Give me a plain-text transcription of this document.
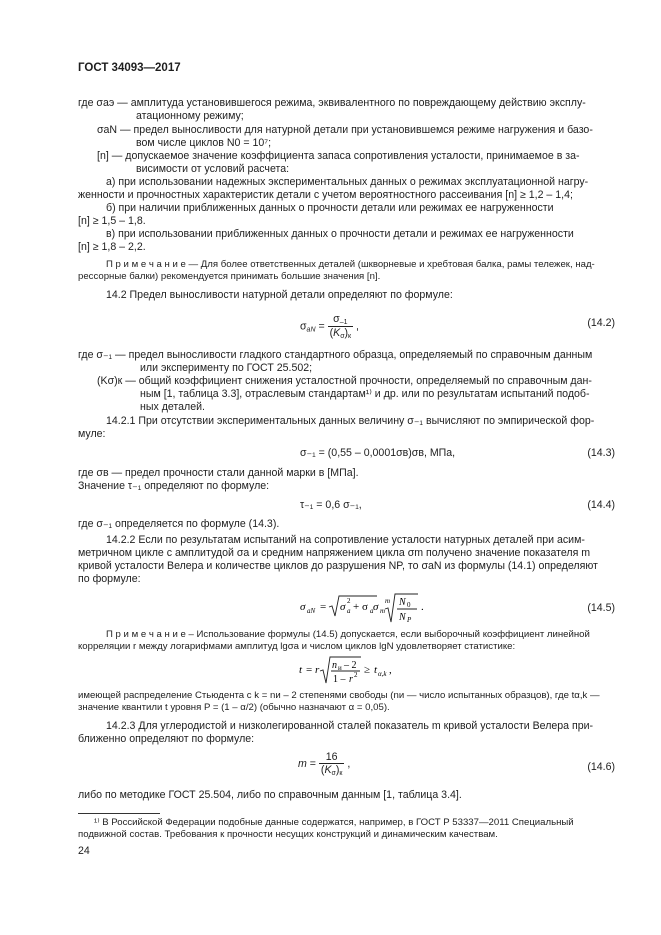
ГОСТ 34093—2017
где σаэ — амплитуда установившегося режима, эквивалентного по повреждающему действию эксплу-
атационному режиму;
σаN — предел выносливости для натурной детали при установившемся режиме нагружения и базо-
вом числе циклов N0 = 10⁷;
[n] — допускаемое значение коэффициента запаса сопротивления усталости, принимаемое в за-
висимости от условий расчета:
а) при использовании надежных экспериментальных данных о режимах эксплуатационной нагру-
женности и прочностных характеристик детали с учетом вероятностного рассеивания [n] ≥ 1,2 – 1,4;
б) при наличии приближенных данных о прочности детали или режимах ее нагруженности
[n] ≥ 1,5 – 1,8.
в) при использовании приближенных данных о прочности детали и режимах ее нагруженности
[n] ≥ 1,8 – 2,2.
П р и м е ч а н и е — Для более ответственных деталей (шкворневые и хребтовая балка, рамы тележек, над-
рессорные балки) рекомендуется принимать большие значения [n].
14.2 Предел выносливости натурной детали определяют по формуле:
$\sigma_{aN} = \frac{\sigma_{-1}}{(K_\sigma)_к}$ ,	(14.2)
где σ₋₁ — предел выносливости гладкого стандартного образца, определяемый по справочным данным
или эксперименту по ГОСТ 25.502;
(Kσ)к — общий коэффициент снижения усталостной прочности, определяемый по справочным дан-
ным [1, таблица 3.3], отраслевым стандартам¹⁾ и др. или по результатам испытаний подоб-
ных деталей.
14.2.1 При отсутствии экспериментальных данных величину σ₋₁ вычисляют по эмпирической фор-
муле:
σ₋₁ = (0,55 – 0,0001σв)σв, МПа,	(14.3)
где σв — предел прочности стали данной марки в [МПа].
Значение τ₋₁ определяют по формуле:
τ₋₁ = 0,6 σ₋₁,	(14.4)
где σ₋₁ определяется по формуле (14.3).
14.2.2 Если по результатам испытаний на сопротивление усталости натурных деталей при асим-
метричном цикле с амплитудой σа и средним напряжением цикла σm получено значение показателя m
кривой усталости Велера и количестве циклов до разрушения NP, то σаN из формулы (14.1) определяют
по формуле:
σ aN = σ a
2 + σ a σ m
m N 0
N P
.	(14.5)
П р и м е ч а н и е – Использование формулы (14.5) допускается, если выборочный коэффициент линейной
корреляции r между логарифмами амплитуд lgσа и числом циклов lgN удовлетворяет статистике:
t = r n и – 2
1 – r 2 ≥ t α,k ,
имеющей распределение Стьюдента с k = nи – 2 степенями свободы (nи — число испытанных образцов), где tα,k —
значение квантили t уровня P = (1 – α/2) (обычно назначают α = 0,05).
14.2.3 Для углеродистой и низколегированной сталей показатель m кривой усталости Велера при-
ближенно определяют по формуле:
$m = \frac{16}{(K_\sigma)_к}$ ,	(14.6)
либо по методике ГОСТ 25.504, либо по справочным данным [1, таблица 3.4].
¹⁾ В Российской Федерации подобные данные содержатся, например, в ГОСТ Р 53337—2011 Специальный
подвижной состав. Требования к прочности несущих конструкций и динамическим качествам.
24
